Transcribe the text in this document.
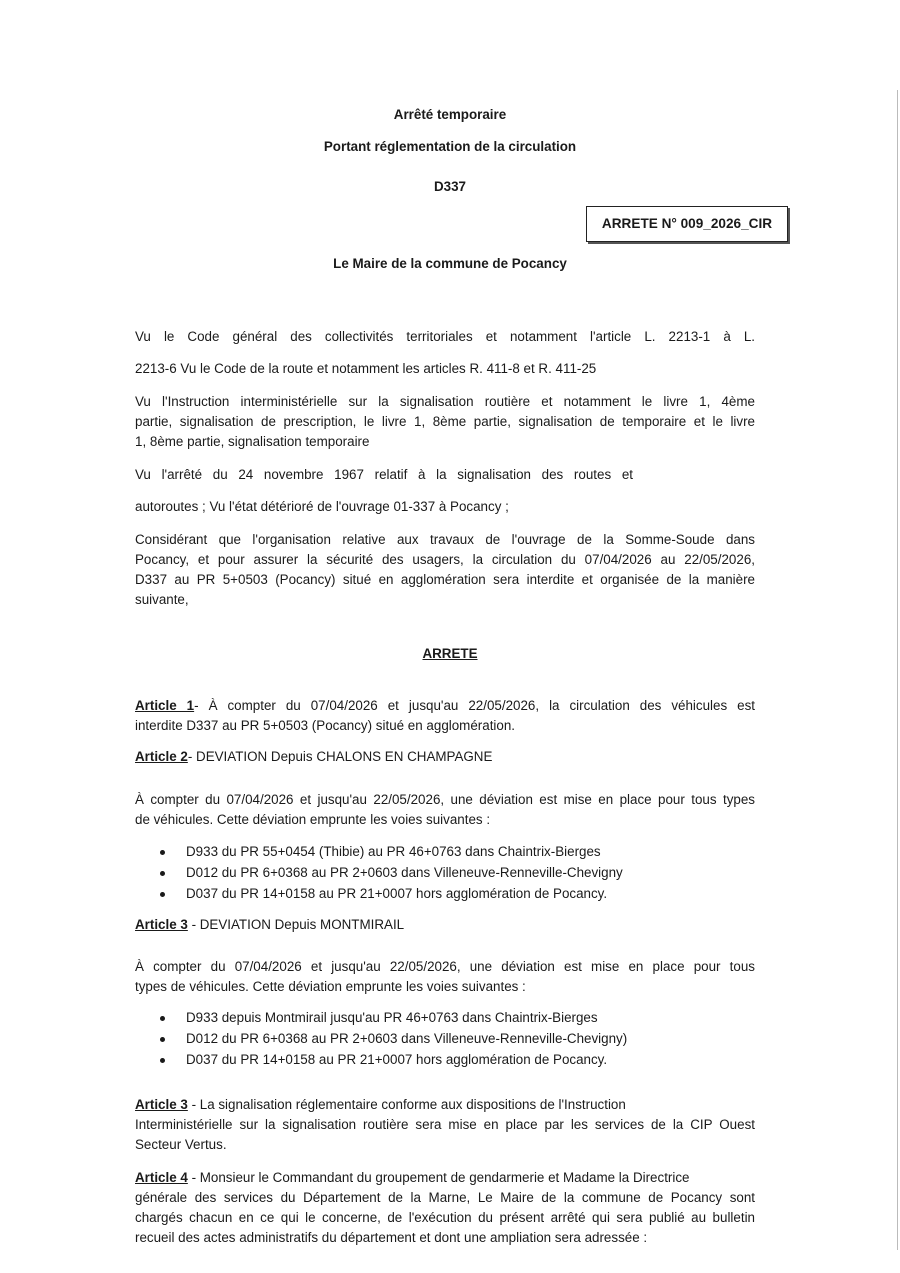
Arrêté temporaire
Portant réglementation de la circulation
D337
ARRETE N° 009_2026_CIR
Le Maire de la commune de Pocancy

Vu le Code général des collectivités territoriales et notamment l'article L. 2213-1 à L.

2213-6 Vu le Code de la route et notamment les articles R. 411-8 et R. 411-25

Vu l'Instruction interministérielle sur la signalisation routière et notamment le livre 1, 4ème

partie, signalisation de prescription, le livre 1, 8ème partie, signalisation de temporaire et le livre

1, 8ème partie, signalisation temporaire

Vu l'arrêté du 24 novembre 1967 relatif à la signalisation des routes et

autoroutes ; Vu l'état détérioré de l'ouvrage 01-337 à Pocancy ;

Considérant que l'organisation relative aux travaux de l'ouvrage de la Somme-Soude dans

Pocancy, et pour assurer la sécurité des usagers, la circulation du 07/04/2026 au 22/05/2026,

D337 au PR 5+0503 (Pocancy) situé en agglomération sera interdite et organisée de la manière

suivante,

ARRETE

Article 1- À compter du 07/04/2026 et jusqu'au 22/05/2026, la circulation des véhicules est

interdite D337 au PR 5+0503 (Pocancy) situé en agglomération.

Article 2- DEVIATION Depuis CHALONS EN CHAMPAGNE

À compter du 07/04/2026 et jusqu'au 22/05/2026, une déviation est mise en place pour tous types

de véhicules. Cette déviation emprunte les voies suivantes :

D933 du PR 55+0454 (Thibie) au PR 46+0763 dans Chaintrix-Bierges
D012 du PR 6+0368 au PR 2+0603 dans Villeneuve-Renneville-Chevigny
D037 du PR 14+0158 au PR 21+0007 hors agglomération de Pocancy.

Article 3 - DEVIATION Depuis MONTMIRAIL

À compter du 07/04/2026 et jusqu'au 22/05/2026, une déviation est mise en place pour tous

types de véhicules. Cette déviation emprunte les voies suivantes :

D933 depuis Montmirail jusqu'au PR 46+0763 dans Chaintrix-Bierges
D012 du PR 6+0368 au PR 2+0603 dans Villeneuve-Renneville-Chevigny)
D037 du PR 14+0158 au PR 21+0007 hors agglomération de Pocancy.

Article 3 - La signalisation réglementaire conforme aux dispositions de l'Instruction

Interministérielle sur la signalisation routière sera mise en place par les services de la CIP Ouest

Secteur Vertus.

Article 4 - Monsieur le Commandant du groupement de gendarmerie et Madame la Directrice

générale des services du Département de la Marne, Le Maire de la commune de Pocancy sont

chargés chacun en ce qui le concerne, de l'exécution du présent arrêté qui sera publié au bulletin

recueil des actes administratifs du département et dont une ampliation sera adressée :
